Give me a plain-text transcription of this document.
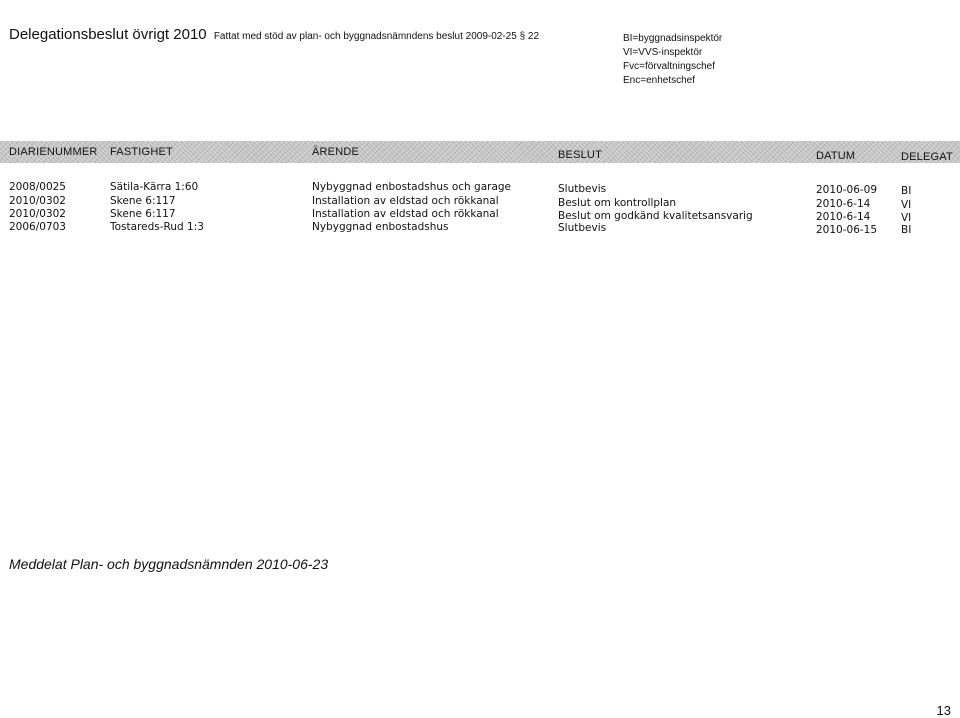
Delegationsbeslut övrigt 2010 Fattat med stöd av plan- och byggnadsnämndens beslut 2009-02-25 § 22	BI=byggnadsinspektör
VI=VVS-inspektör
Fvc=förvaltningschef
Enc=enhetschef
DIARIENUMMER FASTIGHET	ÄRENDE	BESLUT	DATUM	DELEGAT
2008/0025	Sätila-Kärra 1:60	Nybyggnad enbostadshus och garage	Slutbevis	2010-06-09 BI
2010/0302	Skene 6:117	Installation av eldstad och rökkanal	Beslut om kontrollplan	2010-6-14	VI
2010/0302	Skene 6:117	Installation av eldstad och rökkanal	Beslut om godkänd kvalitetsansvarig	2010-6-14	VI
2006/0703	Tostareds-Rud 1:3	Nybyggnad enbostadshus	Slutbevis	2010-06-15 BI
Meddelat Plan- och byggnadsnämnden 2010-06-23
13
